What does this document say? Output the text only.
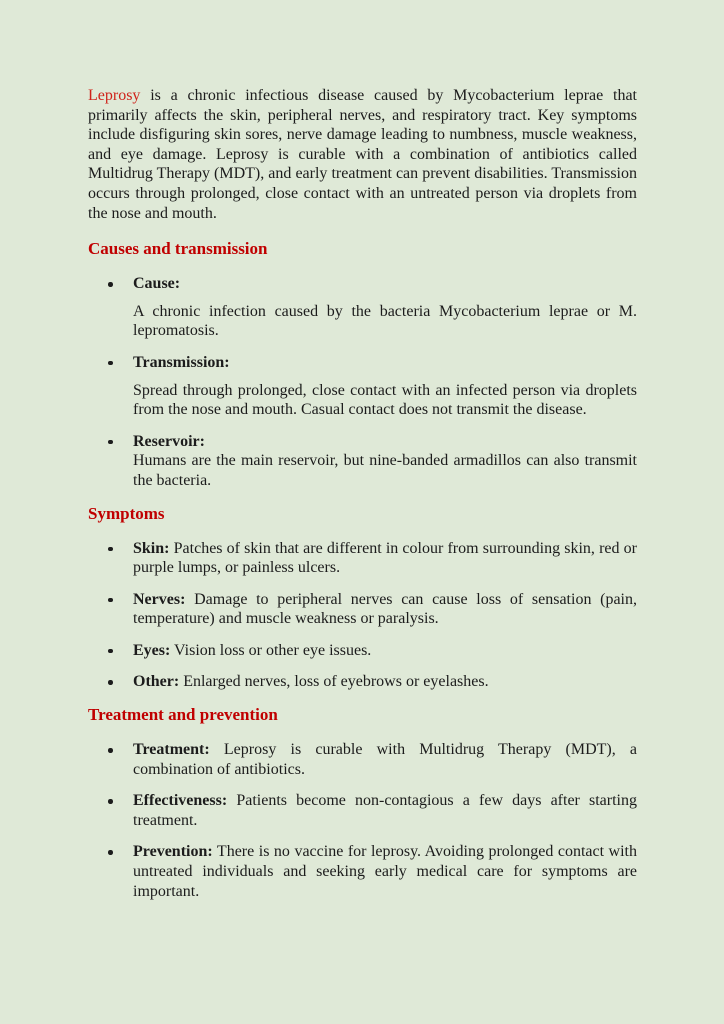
Leprosy is a chronic infectious disease caused by Mycobacterium leprae that primarily affects the skin, peripheral nerves, and respiratory tract. Key symptoms include disfiguring skin sores, nerve damage leading to numbness, muscle weakness, and eye damage. Leprosy is curable with a combination of antibiotics called Multidrug Therapy (MDT), and early treatment can prevent disabilities. Transmission occurs through prolonged, close contact with an untreated person via droplets from the nose and mouth.

Causes and transmission

Cause:

A chronic infection caused by the bacteria Mycobacterium leprae or M. lepromatosis.

Transmission:

Spread through prolonged, close contact with an infected person via droplets from the nose and mouth. Casual contact does not transmit the disease.

Reservoir:

Humans are the main reservoir, but nine-banded armadillos can also transmit the bacteria.

Symptoms

Skin: Patches of skin that are different in colour from surrounding skin, red or purple lumps, or painless ulcers.

Nerves: Damage to peripheral nerves can cause loss of sensation (pain, temperature) and muscle weakness or paralysis.

Eyes: Vision loss or other eye issues.

Other: Enlarged nerves, loss of eyebrows or eyelashes.

Treatment and prevention

Treatment: Leprosy is curable with Multidrug Therapy (MDT), a combination of antibiotics.

Effectiveness: Patients become non-contagious a few days after starting treatment.

Prevention: There is no vaccine for leprosy. Avoiding prolonged contact with untreated individuals and seeking early medical care for symptoms are important.
